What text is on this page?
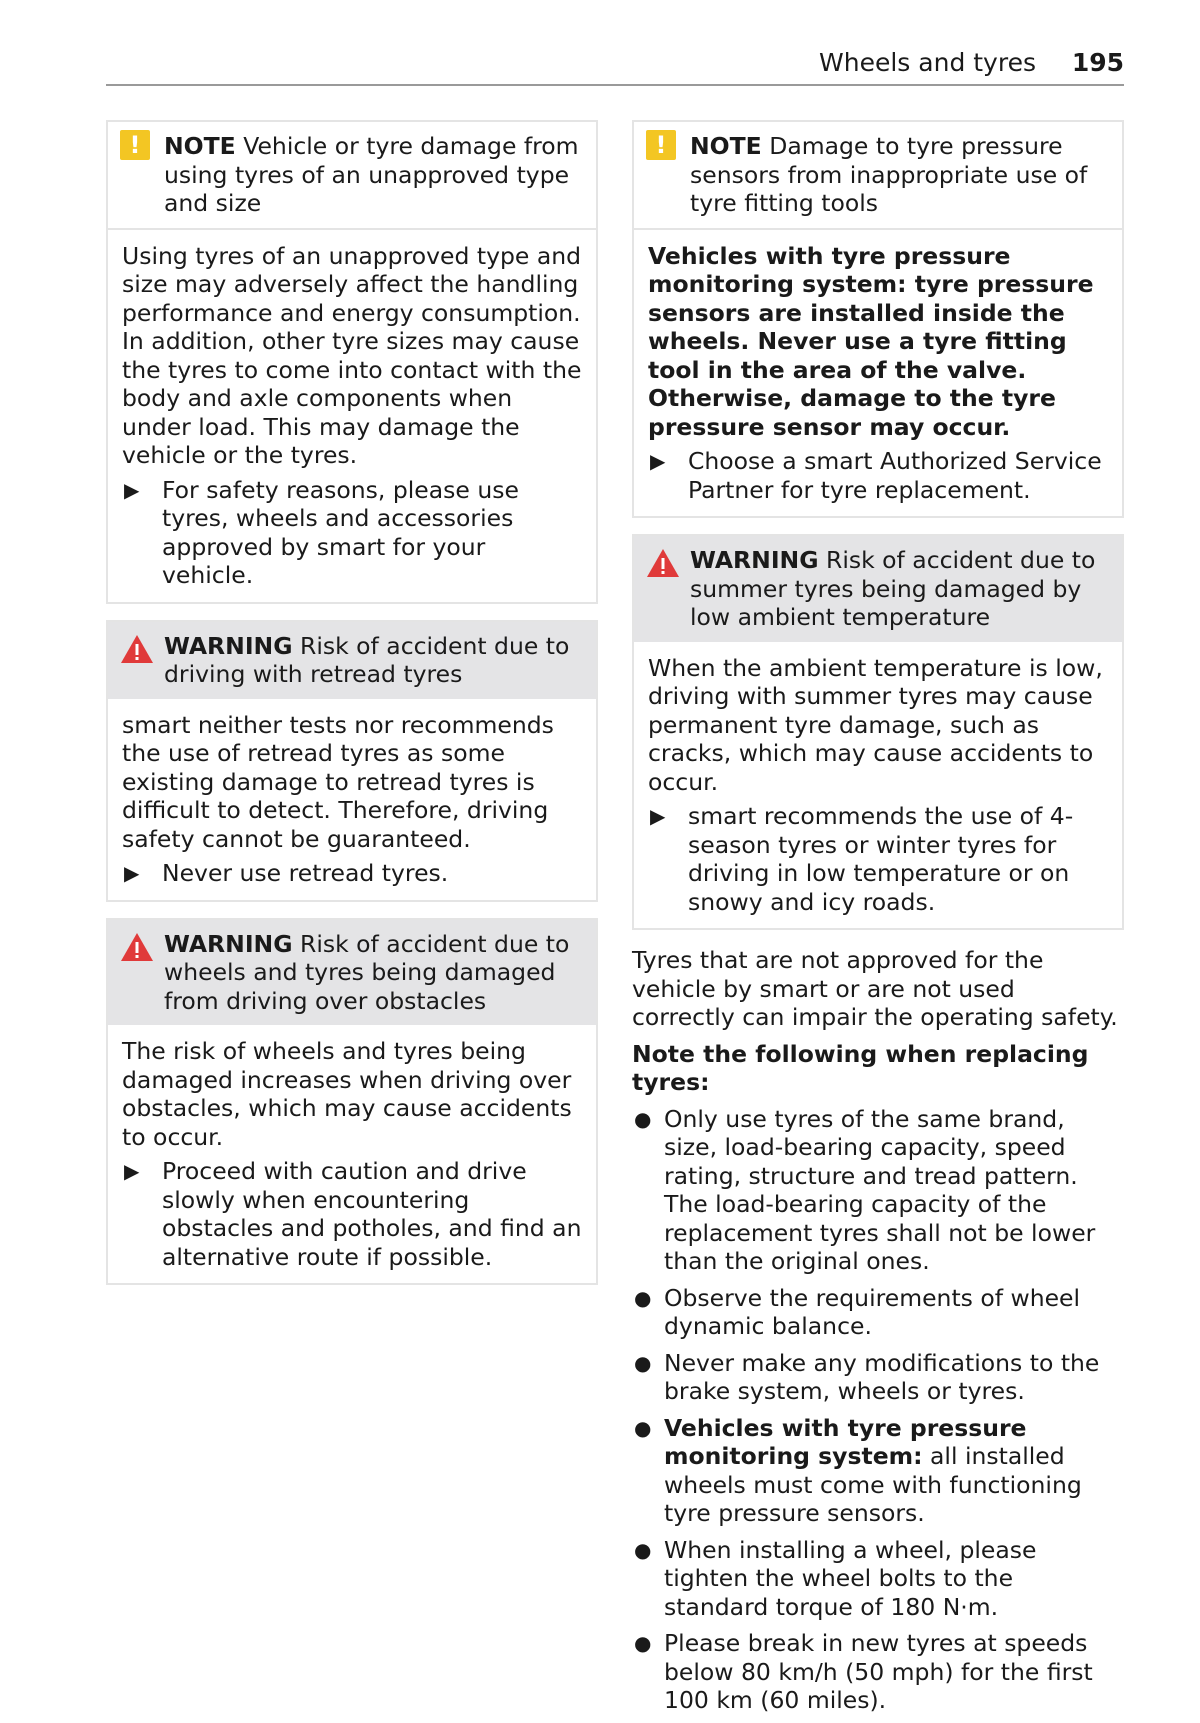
Wheels and tyres 195
!	NOTE Vehicle or tyre damage from using tyres of an unapproved type and size

Using tyres of an unapproved type and size may adversely affect the handling performance and energy consumption. In addition, other tyre sizes may cause the tyres to come into contact with the body and axle components when under load. This may damage the vehicle or the tyres.

▶ For safety reasons, please use tyres, wheels and accessories approved by smart for your vehicle.
WARNING Risk of accident due to driving with retread tyres

smart neither tests nor recommends the use of retread tyres as some existing damage to retread tyres is difficult to detect. Therefore, driving safety cannot be guaranteed.

▶ Never use retread tyres.
WARNING Risk of accident due to wheels and tyres being damaged from driving over obstacles

The risk of wheels and tyres being damaged increases when driving over obstacles, which may cause accidents to occur.

▶ Proceed with caution and drive slowly when encountering obstacles and potholes, and find an alternative route if possible.
!	NOTE Damage to tyre pressure sensors from inappropriate use of tyre fitting tools

Vehicles with tyre pressure monitoring system: tyre pressure sensors are installed inside the wheels. Never use a tyre fitting tool in the area of the valve. Otherwise, damage to the tyre pressure sensor may occur.

▶ Choose a smart Authorized Service Partner for tyre replacement.
WARNING Risk of accident due to summer tyres being damaged by low ambient temperature

When the ambient temperature is low, driving with summer tyres may cause permanent tyre damage, such as cracks, which may cause accidents to occur.

▶ smart recommends the use of 4-season tyres or winter tyres for driving in low temperature or on snowy and icy roads.

Tyres that are not approved for the vehicle by smart or are not used correctly can impair the operating safety.

Note the following when replacing tyres:

● Only use tyres of the same brand, size, load-bearing capacity, speed rating, structure and tread pattern. The load-bearing capacity of the replacement tyres shall not be lower than the original ones.
● Observe the requirements of wheel dynamic balance.
● Never make any modifications to the brake system, wheels or tyres.
● Vehicles with tyre pressure monitoring system: all installed wheels must come with functioning tyre pressure sensors.
● When installing a wheel, please tighten the wheel bolts to the standard torque of 180 N·m.
● Please break in new tyres at speeds below 80 km/h (50 mph) for the first 100 km (60 miles).
